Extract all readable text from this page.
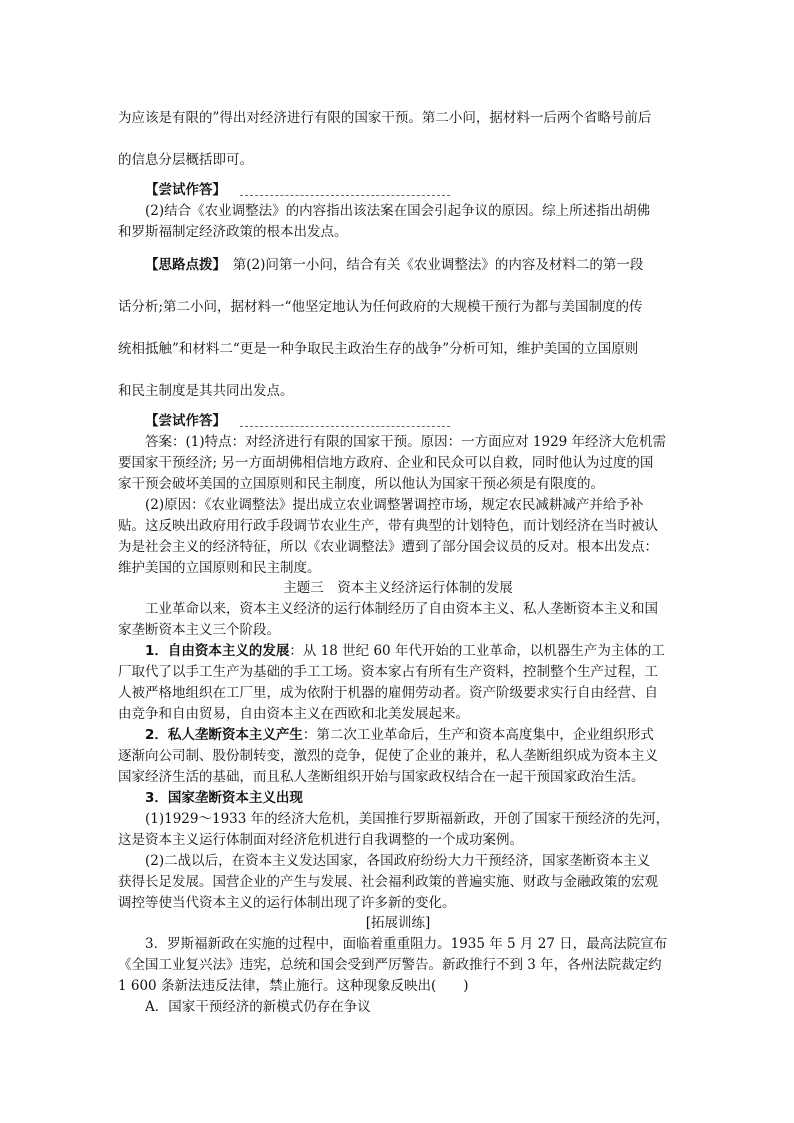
为应该是有限的”得出对经济进行有限的国家干预。第二小问，据材料一后两个省略号前后
的信息分层概括即可。
【尝试作答】
(2)结合《农业调整法》的内容指出该法案在国会引起争议的原因。综上所述指出胡佛
和罗斯福制定经济政策的根本出发点。
【思路点拨】　第(2)问第一小问，结合有关《农业调整法》的内容及材料二的第一段
话分析;第二小问，据材料一“他坚定地认为任何政府的大规模干预行为都与美国制度的传
统相抵触”和材料二“更是一种争取民主政治生存的战争”分析可知，维护美国的立国原则
和民主制度是其共同出发点。
【尝试作答】
答案：(1)特点：对经济进行有限的国家干预。原因：一方面应对 1929 年经济大危机需
要国家干预经济; 另一方面胡佛相信地方政府、企业和民众可以自救，同时他认为过度的国
家干预会破坏美国的立国原则和民主制度，所以他认为国家干预必须是有限度的。
(2)原因：《农业调整法》提出成立农业调整署调控市场，规定农民减耕减产并给予补
贴。这反映出政府用行政手段调节农业生产，带有典型的计划特色，而计划经济在当时被认
为是社会主义的经济特征，所以《农业调整法》遭到了部分国会议员的反对。根本出发点：
维护美国的立国原则和民主制度。
主题三　资本主义经济运行体制的发展
工业革命以来，资本主义经济的运行体制经历了自由资本主义、私人垄断资本主义和国
家垄断资本主义三个阶段。
1．自由资本主义的发展：从 18 世纪 60 年代开始的工业革命，以机器生产为主体的工
厂取代了以手工生产为基础的手工工场。资本家占有所有生产资料，控制整个生产过程，工
人被严格地组织在工厂里，成为依附于机器的雇佣劳动者。资产阶级要求实行自由经营、自
由竞争和自由贸易，自由资本主义在西欧和北美发展起来。
2．私人垄断资本主义产生：第二次工业革命后，生产和资本高度集中，企业组织形式
逐渐向公司制、股份制转变，激烈的竞争，促使了企业的兼并，私人垄断组织成为资本主义
国家经济生活的基础，而且私人垄断组织开始与国家政权结合在一起干预国家政治生活。
3．国家垄断资本主义出现
(1)1929～1933 年的经济大危机，美国推行罗斯福新政，开创了国家干预经济的先河，
这是资本主义运行体制面对经济危机进行自我调整的一个成功案例。
(2)二战以后，在资本主义发达国家，各国政府纷纷大力干预经济，国家垄断资本主义
获得长足发展。国营企业的产生与发展、社会福利政策的普遍实施、财政与金融政策的宏观
调控等使当代资本主义的运行体制出现了许多新的变化。
[拓展训练]
3．罗斯福新政在实施的过程中，面临着重重阻力。1935 年 5 月 27 日，最高法院宣布
《全国工业复兴法》违宪，总统和国会受到严厉警告。新政推行不到 3 年，各州法院裁定约
1 600 条新法违反法律，禁止施行。这种现象反映出(　　)
A．国家干预经济的新模式仍存在争议
